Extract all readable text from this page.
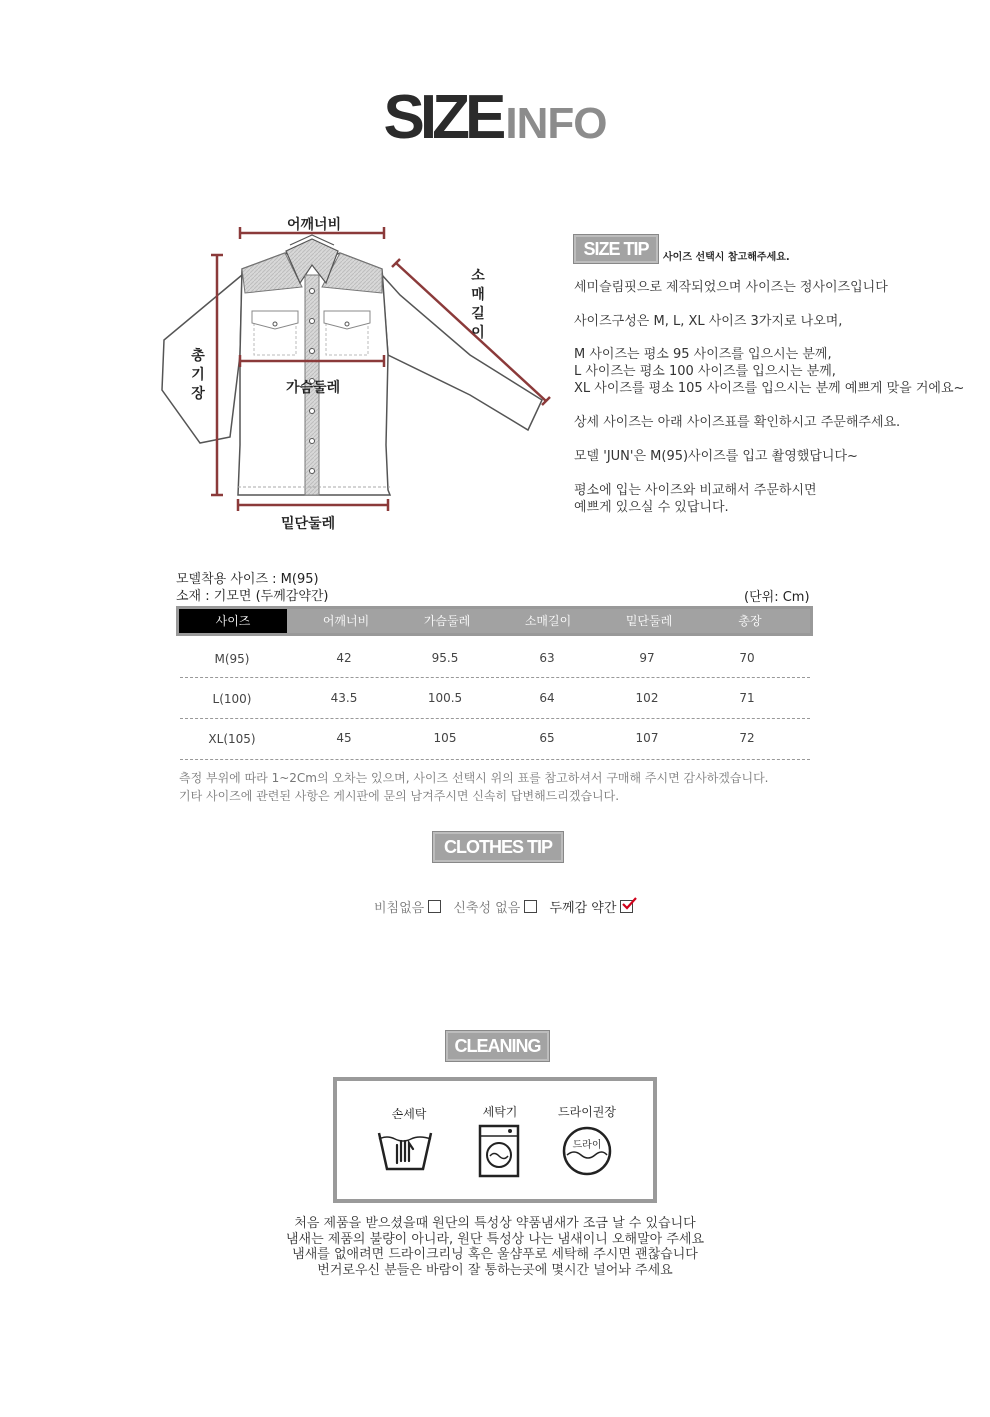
SIZEINFO
어깨너비
소매길이
총기장	가슴둘레
밑단둘레
SIZE TIP	사이즈 선택시 참고해주세요.
세미슬림핏으로 제작되었으며 사이즈는 정사이즈입니다
사이즈구성은 M, L, XL 사이즈 3가지로 나오며,
M 사이즈는 평소 95 사이즈를 입으시는 분께,
L 사이즈는 평소 100 사이즈를 입으시는 분께,
XL 사이즈를 평소 105 사이즈를 입으시는 분께 예쁘게 맞을 거에요~
상세 사이즈는 아래 사이즈표를 확인하시고 주문해주세요.
모델 'JUN'은 M(95)사이즈를 입고 촬영했답니다~
평소에 입는 사이즈와 비교해서 주문하시면
예쁘게 있으실 수 있답니다.
모델착용 사이즈 : M(95)
소재 : 기모면 (두께감약간)	(단위: Cm)
사이즈	어깨너비	가슴둘레	소매길이	밑단둘레	총장
M(95)	42	95.5	63	97	70
L(100)	43.5	100.5	64	102	71
XL(105)	45	105	65	107	72
측정 부위에 따라 1~2Cm의 오차는 있으며, 사이즈 선택시 위의 표를 참고하셔서 구매해 주시면 감사하겠습니다.
기타 사이즈에 관련된 사항은 게시판에 문의 남겨주시면 신속히 답변해드리겠습니다.
CLOTHES TIP
비침없음 신축성 없음 두께감 약간
CLEANING
손세탁	세탁기	드라이권장
드라이
처음 제품을 받으셨을때 원단의 특성상 약품냄새가 조금 날 수 있습니다
냄새는 제품의 불량이 아니라, 원단 특성상 나는 냄새이니 오해말아 주세요
냄새를 없애려면 드라이크리닝 혹은 울샴푸로 세탁해 주시면 괜찮습니다
번거로우신 분들은 바람이 잘 통하는곳에 몇시간 널어놔 주세요
